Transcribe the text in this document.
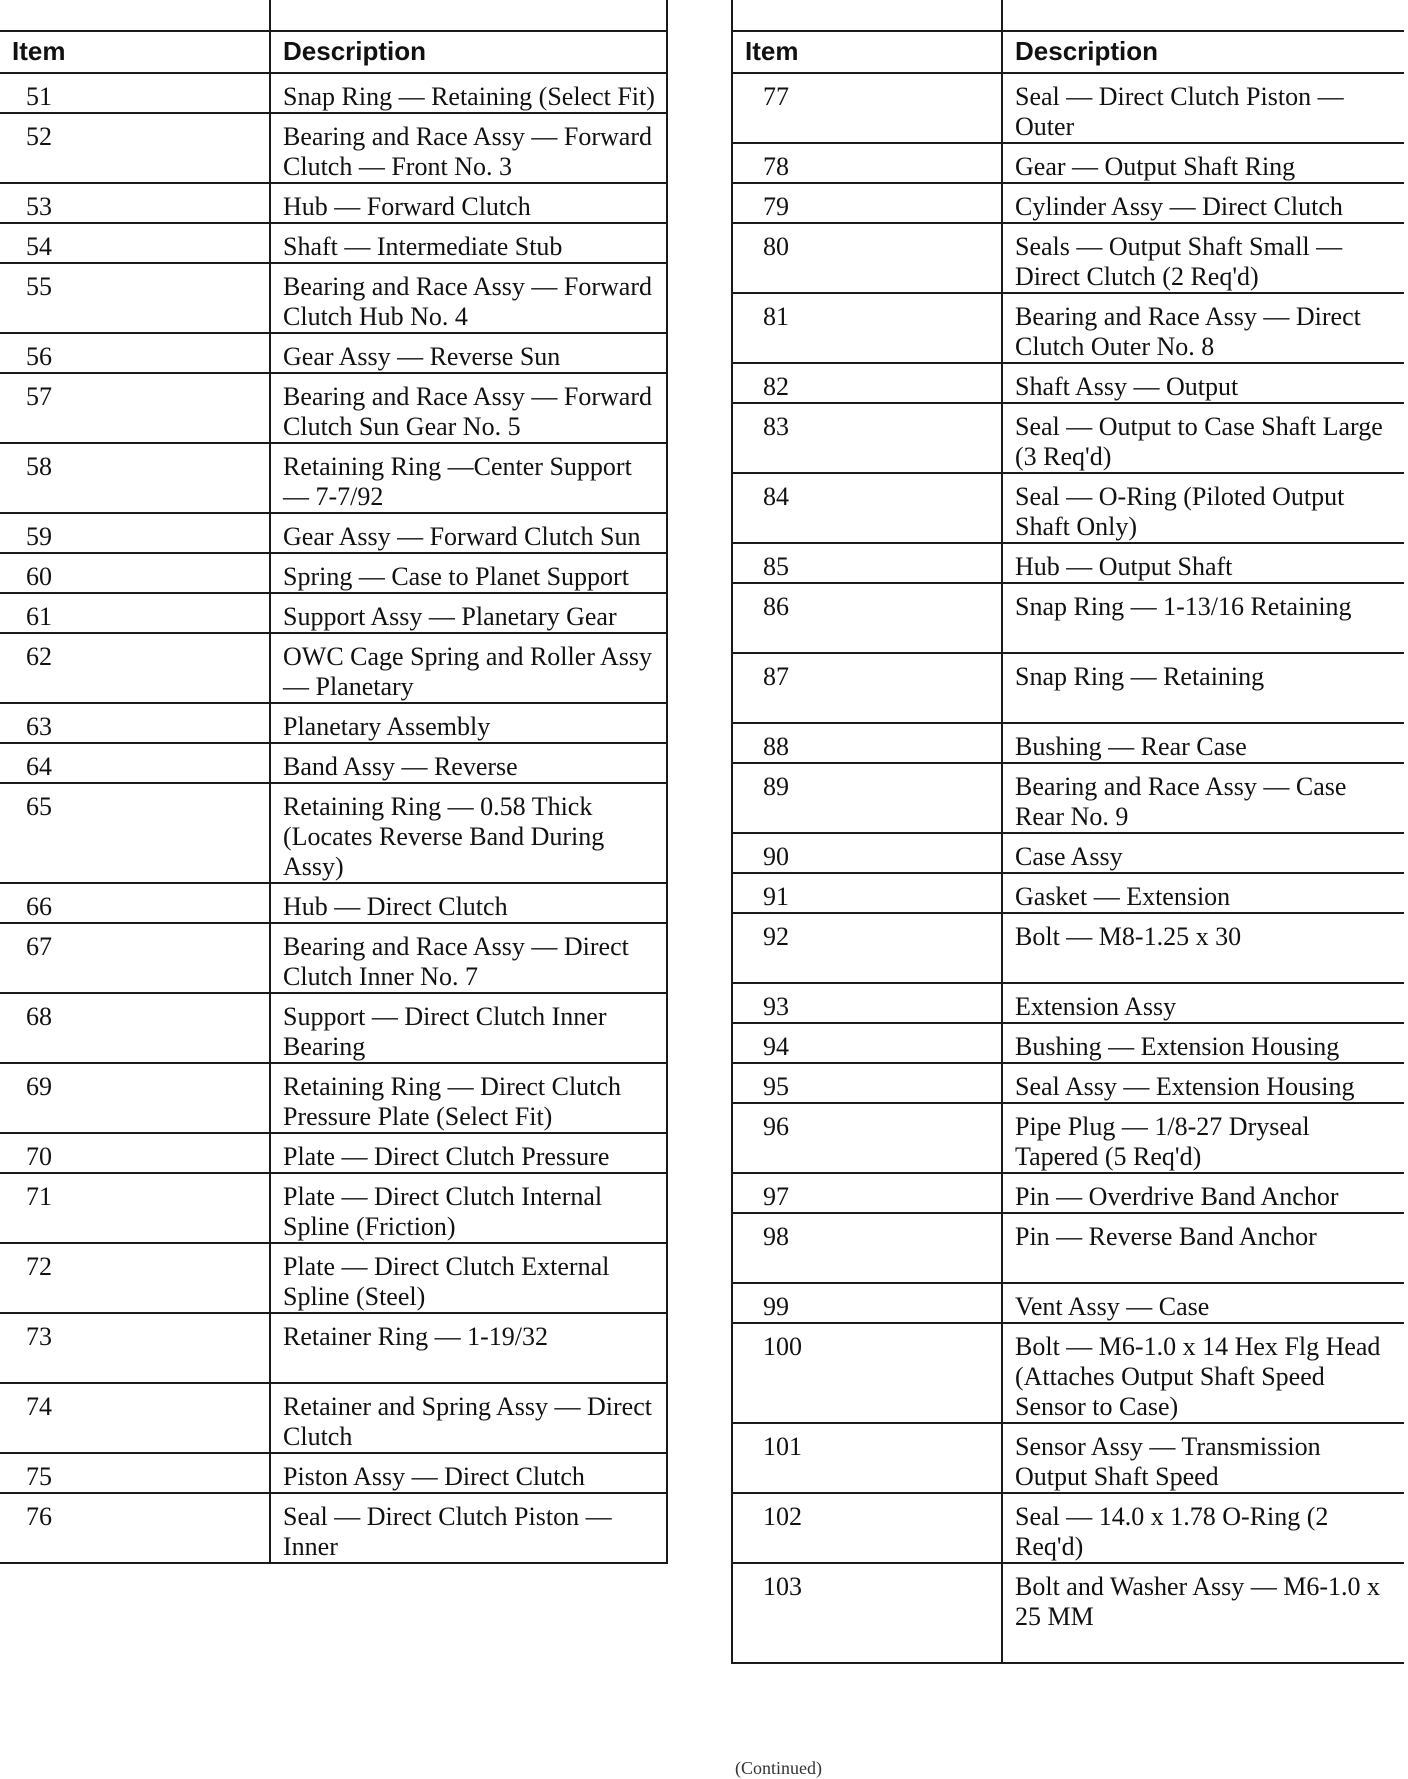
Item	Description
51	Snap Ring — Retaining (Select Fit)
52	Bearing and Race Assy — Forward Clutch — Front No. 3
53	Hub — Forward Clutch
54	Shaft — Intermediate Stub
55	Bearing and Race Assy — Forward Clutch Hub No. 4
56	Gear Assy — Reverse Sun
57	Bearing and Race Assy — Forward Clutch Sun Gear No. 5
58	Retaining Ring —Center Support — 7-7/92
59	Gear Assy — Forward Clutch Sun
60	Spring — Case to Planet Support
61	Support Assy — Planetary Gear
62	OWC Cage Spring and Roller Assy — Planetary
63	Planetary Assembly
64	Band Assy — Reverse
65	Retaining Ring — 0.58 Thick (Locates Reverse Band During Assy)
66	Hub — Direct Clutch
67	Bearing and Race Assy — Direct Clutch Inner No. 7
68	Support — Direct Clutch Inner Bearing
69	Retaining Ring — Direct Clutch Pressure Plate (Select Fit)
70	Plate — Direct Clutch Pressure
71	Plate — Direct Clutch Internal Spline (Friction)
72	Plate — Direct Clutch External Spline (Steel)
73	Retainer Ring — 1-19/32
74	Retainer and Spring Assy — Direct Clutch
75	Piston Assy — Direct Clutch
76	Seal — Direct Clutch Piston — Inner

Item	Description
77	Seal — Direct Clutch Piston — Outer
78	Gear — Output Shaft Ring
79	Cylinder Assy — Direct Clutch
80	Seals — Output Shaft Small — Direct Clutch (2 Req'd)
81	Bearing and Race Assy — Direct Clutch Outer No. 8
82	Shaft Assy — Output
83	Seal — Output to Case Shaft Large (3 Req'd)
84	Seal — O-Ring (Piloted Output Shaft Only)
85	Hub — Output Shaft
86	Snap Ring — 1-13/16 Retaining
87	Snap Ring — Retaining
88	Bushing — Rear Case
89	Bearing and Race Assy — Case Rear No. 9
90	Case Assy
91	Gasket — Extension
92	Bolt — M8-1.25 x 30
93	Extension Assy
94	Bushing — Extension Housing
95	Seal Assy — Extension Housing
96	Pipe Plug — 1/8-27 Dryseal Tapered (5 Req'd)
97	Pin — Overdrive Band Anchor
98	Pin — Reverse Band Anchor
99	Vent Assy — Case
100	Bolt — M6-1.0 x 14 Hex Flg Head (Attaches Output Shaft Speed Sensor to Case)
101	Sensor Assy — Transmission Output Shaft Speed
102	Seal — 14.0 x 1.78 O-Ring (2 Req'd)
103	Bolt and Washer Assy — M6-1.0 x 25 MM
(Continued)
